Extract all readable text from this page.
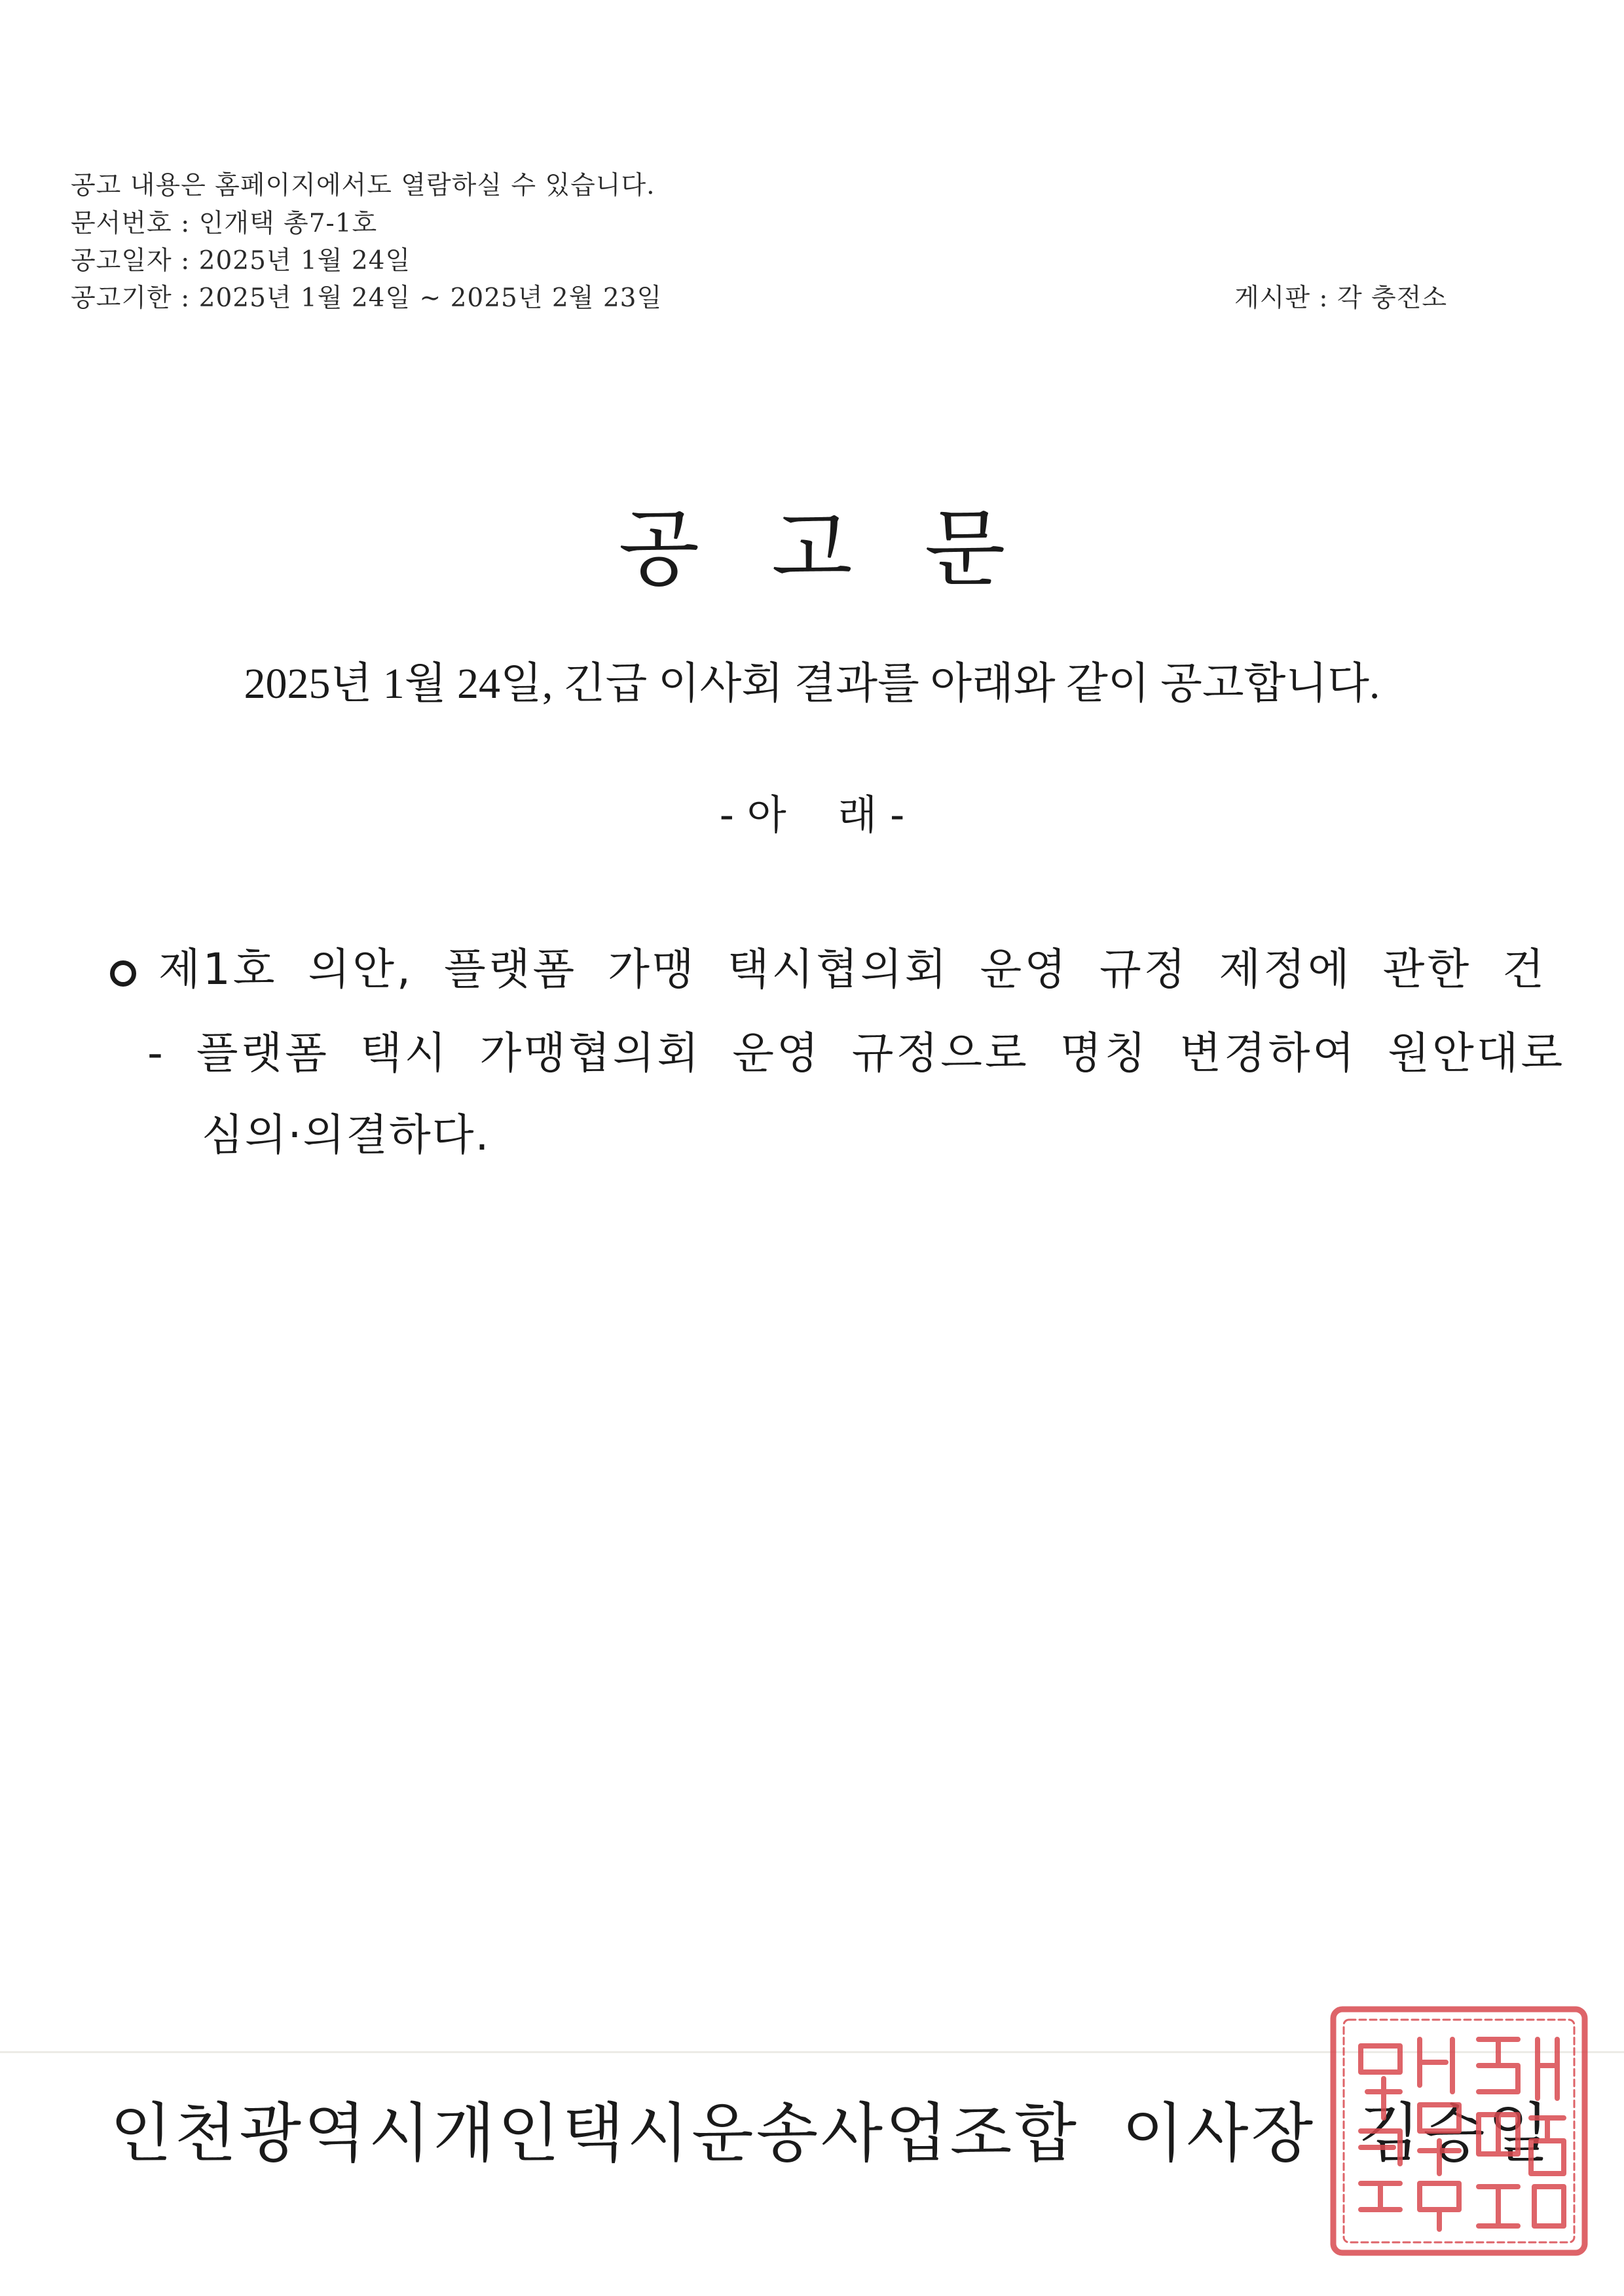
공고 내용은 홈페이지에서도 열람하실 수 있습니다.
문서번호 : 인개택 총7-1호
공고일자 : 2025년 1월 24일
공고기한 : 2025년 1월 24일 ~ 2025년 2월 23일	게시판 : 각 충전소
공고문
2025년 1월 24일, 긴급 이사회 결과를 아래와 같이 공고합니다.
- 아    래 -
제1호 의안, 플랫폼 가맹 택시협의회 운영 규정 제정에 관한 건
- 플랫폼 택시 가맹협의회 운영 규정으로 명칭 변경하여 원안대로
심의·의결하다.
인천광역시개인택시운송사업조합 이사장 김승일
